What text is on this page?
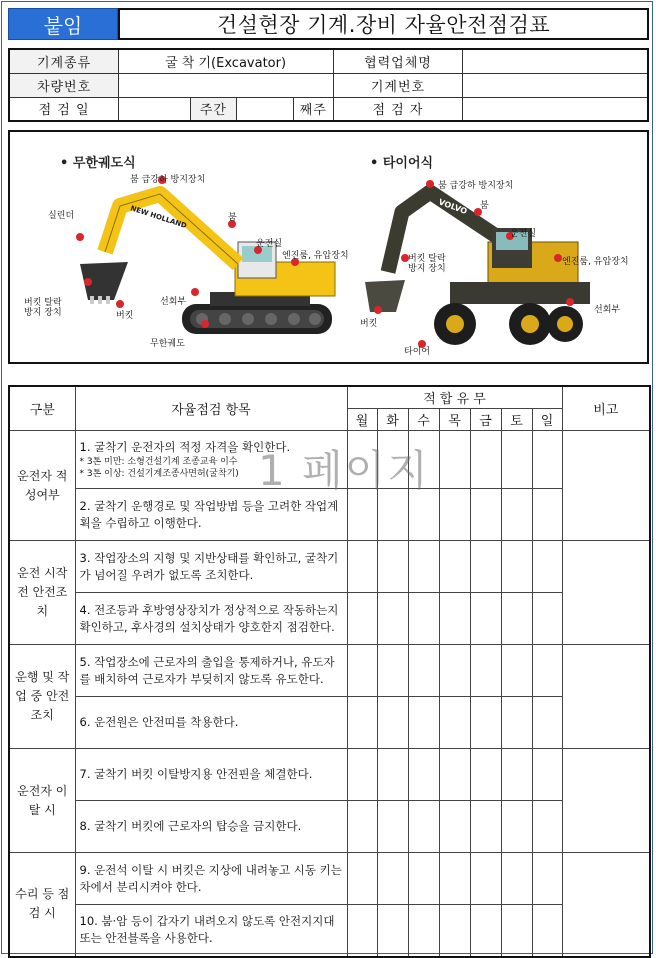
붙임	건설현장 기계.장비 자율안전점검표
기계종류	굴 착 기(Excavator)				협력업체명	
차량번호					기계번호	
점 검 일		주간		째주	점 검 자	
NEW HOLLAND	VOLVO
• 무한궤도식	• 타이어식
붐 급강하 방지장치
실린더	붐
운전실
엔진룸, 유압장치
버킷 탈락
방지 장치	버킷
선회부
무한궤도
붐 급강하 방지장치
붐
운전실
버킷 탈락
방지 장치
엔진룸, 유압장치
버킷
선회부
타이어
구분	자율점검 항목	적 합 유 무							비고
		월	화	수	목	금	토	일	
운전자 적성여부	1. 굴착기 운전자의 적정 자격을 확인한다.
* 3톤 미만: 소형건설기계 조종교육 이수
* 3톤 이상: 건설기계조종사면허(굴착기)								

	2. 굴착기 운행경로 및 작업방법 등을 고려한 작업계획을 수립하고 이행한다.								
운전 시작전 안전조치	3. 작업장소의 지형 및 지반상태를 확인하고, 굴착기가 넘어질 우려가 없도록 조치한다.								
	4. 전조등과 후방영상장치가 정상적으로 작동하는지 확인하고, 후사경의 설치상태가 양호한지 점검한다.								
운행 및 작업 중 안전조치	5. 작업장소에 근로자의 출입을 통제하거나, 유도자를 배치하여 근로자가 부딪히지 않도록 유도한다.								
	6. 운전원은 안전띠를 착용한다.								
운전자 이탈 시	7. 굴착기 버킷 이탈방지용 안전핀을 체결한다.								
	8. 굴착기 버킷에 근로자의 탑승을 금지한다.								
수리 등 점검 시	9. 운전석 이탈 시 버킷은 지상에 내려놓고 시동 키는 차에서 분리시켜야 한다.								
	10. 붐·암 등이 갑자기 내려오지 않도록 안전지지대 또는 안전블록을 사용한다.								
1 페이지
